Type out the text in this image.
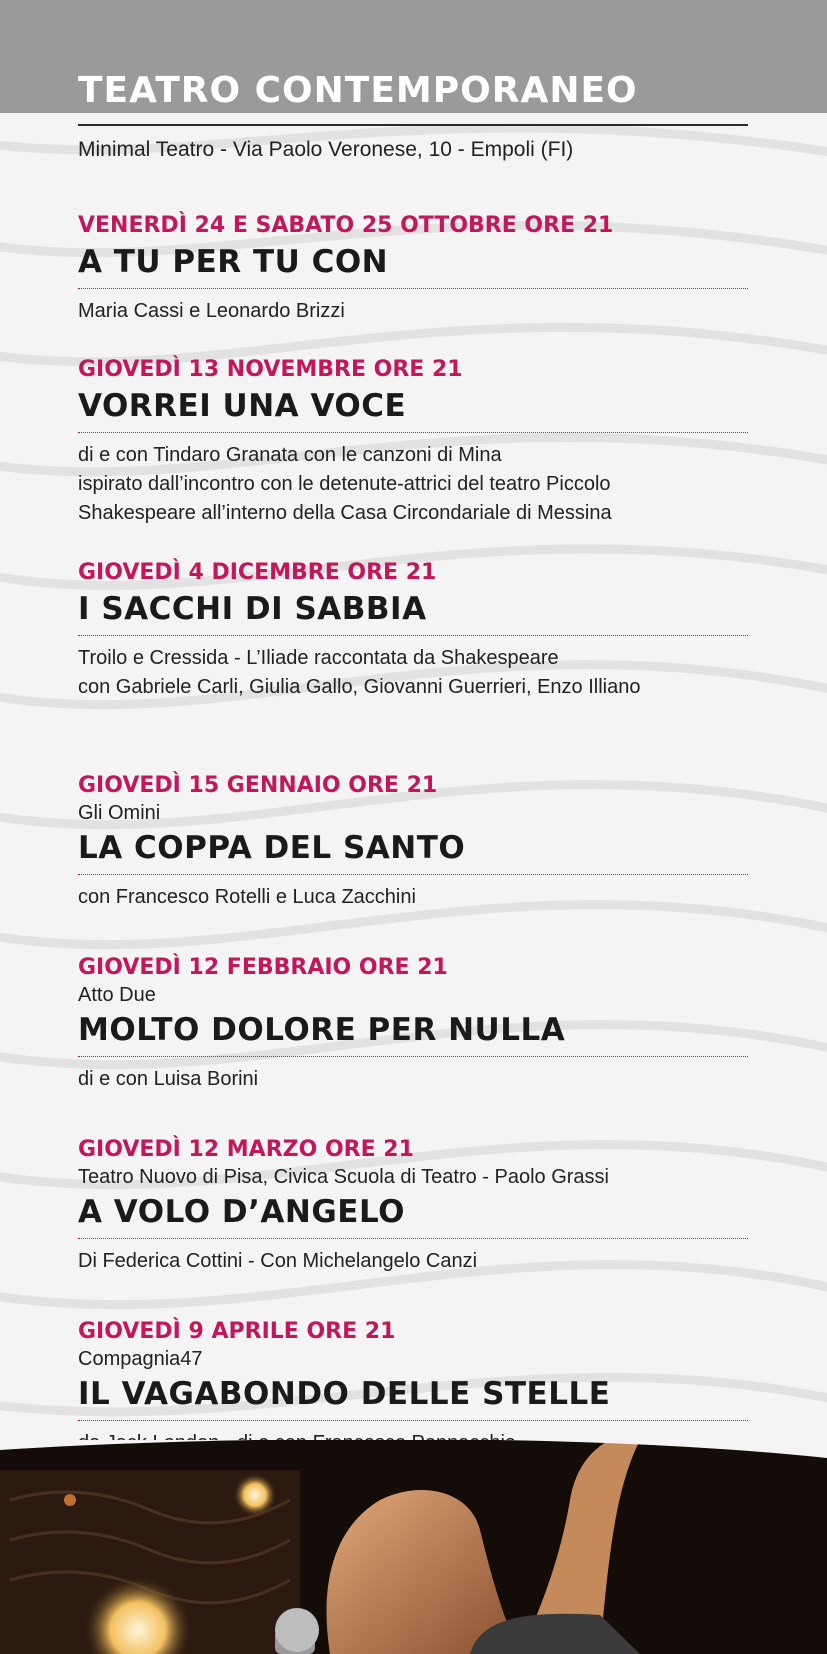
TEATRO CONTEMPORANEO
Minimal Teatro - Via Paolo Veronese, 10 - Empoli (FI)
VENERDÌ 24 E SABATO 25 OTTOBRE ORE 21
A TU PER TU CON
Maria Cassi e Leonardo Brizzi
GIOVEDÌ 13 NOVEMBRE ORE 21
VORREI UNA VOCE
di e con Tindaro Granata con le canzoni di Mina
ispirato dall’incontro con le detenute-attrici del teatro Piccolo
Shakespeare all’interno della Casa Circondariale di Messina
GIOVEDÌ 4 DICEMBRE ORE 21
I SACCHI DI SABBIA
Troilo e Cressida - L’Iliade raccontata da Shakespeare
con Gabriele Carli, Giulia Gallo, Giovanni Guerrieri, Enzo Illiano
GIOVEDÌ 15 GENNAIO ORE 21
Gli Omini
LA COPPA DEL SANTO
con Francesco Rotelli e Luca Zacchini
GIOVEDÌ 12 FEBBRAIO ORE 21
Atto Due
MOLTO DOLORE PER NULLA
di e con Luisa Borini
GIOVEDÌ 12 MARZO ORE 21
Teatro Nuovo di Pisa, Civica Scuola di Teatro - Paolo Grassi
A VOLO D’ANGELO
Di Federica Cottini - Con Michelangelo Canzi
GIOVEDÌ 9 APRILE ORE 21
Compagnia47
IL VAGABONDO DELLE STELLE
